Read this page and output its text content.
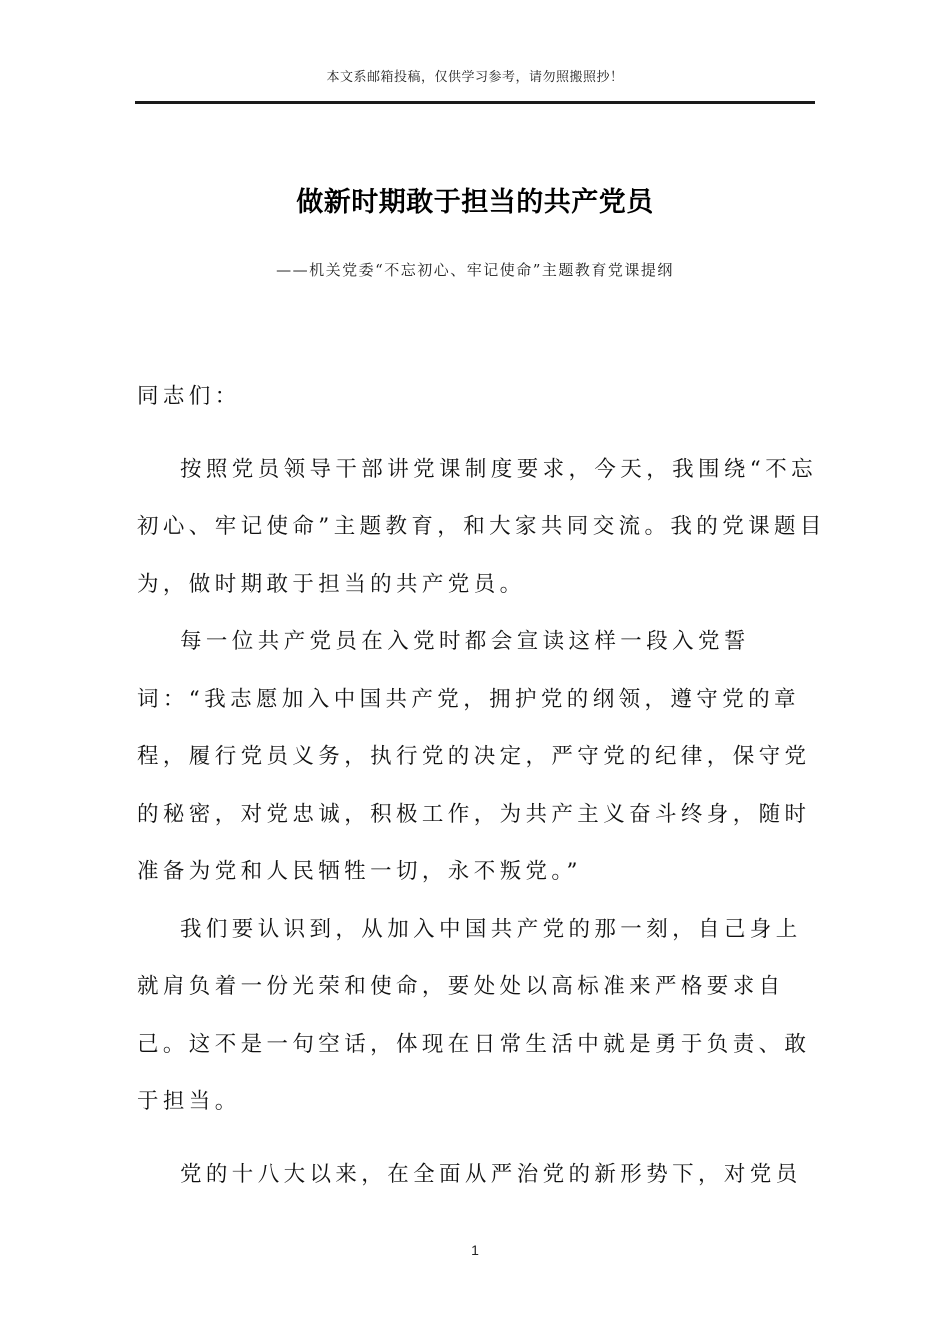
本文系邮箱投稿，仅供学习参考，请勿照搬照抄！
做新时期敢于担当的共产党员
——机关党委“不忘初心、牢记使命”主题教育党课提纲

同志们：

按照党员领导干部讲党课制度要求，今天，我围绕“不忘初心、牢记使命”主题教育，和大家共同交流。我的党课题目为，做时期敢于担当的共产党员。

每一位共产党员在入党时都会宣读这样一段入党誓词：“我志愿加入中国共产党，拥护党的纲领，遵守党的章程，履行党员义务，执行党的决定，严守党的纪律，保守党的秘密，对党忠诚，积极工作，为共产主义奋斗终身，随时准备为党和人民牺牲一切，永不叛党。”

我们要认识到，从加入中国共产党的那一刻，自己身上就肩负着一份光荣和使命，要处处以高标准来严格要求自己。这不是一句空话，体现在日常生活中就是勇于负责、敢于担当。

党的十八大以来，在全面从严治党的新形势下，对党员

1
